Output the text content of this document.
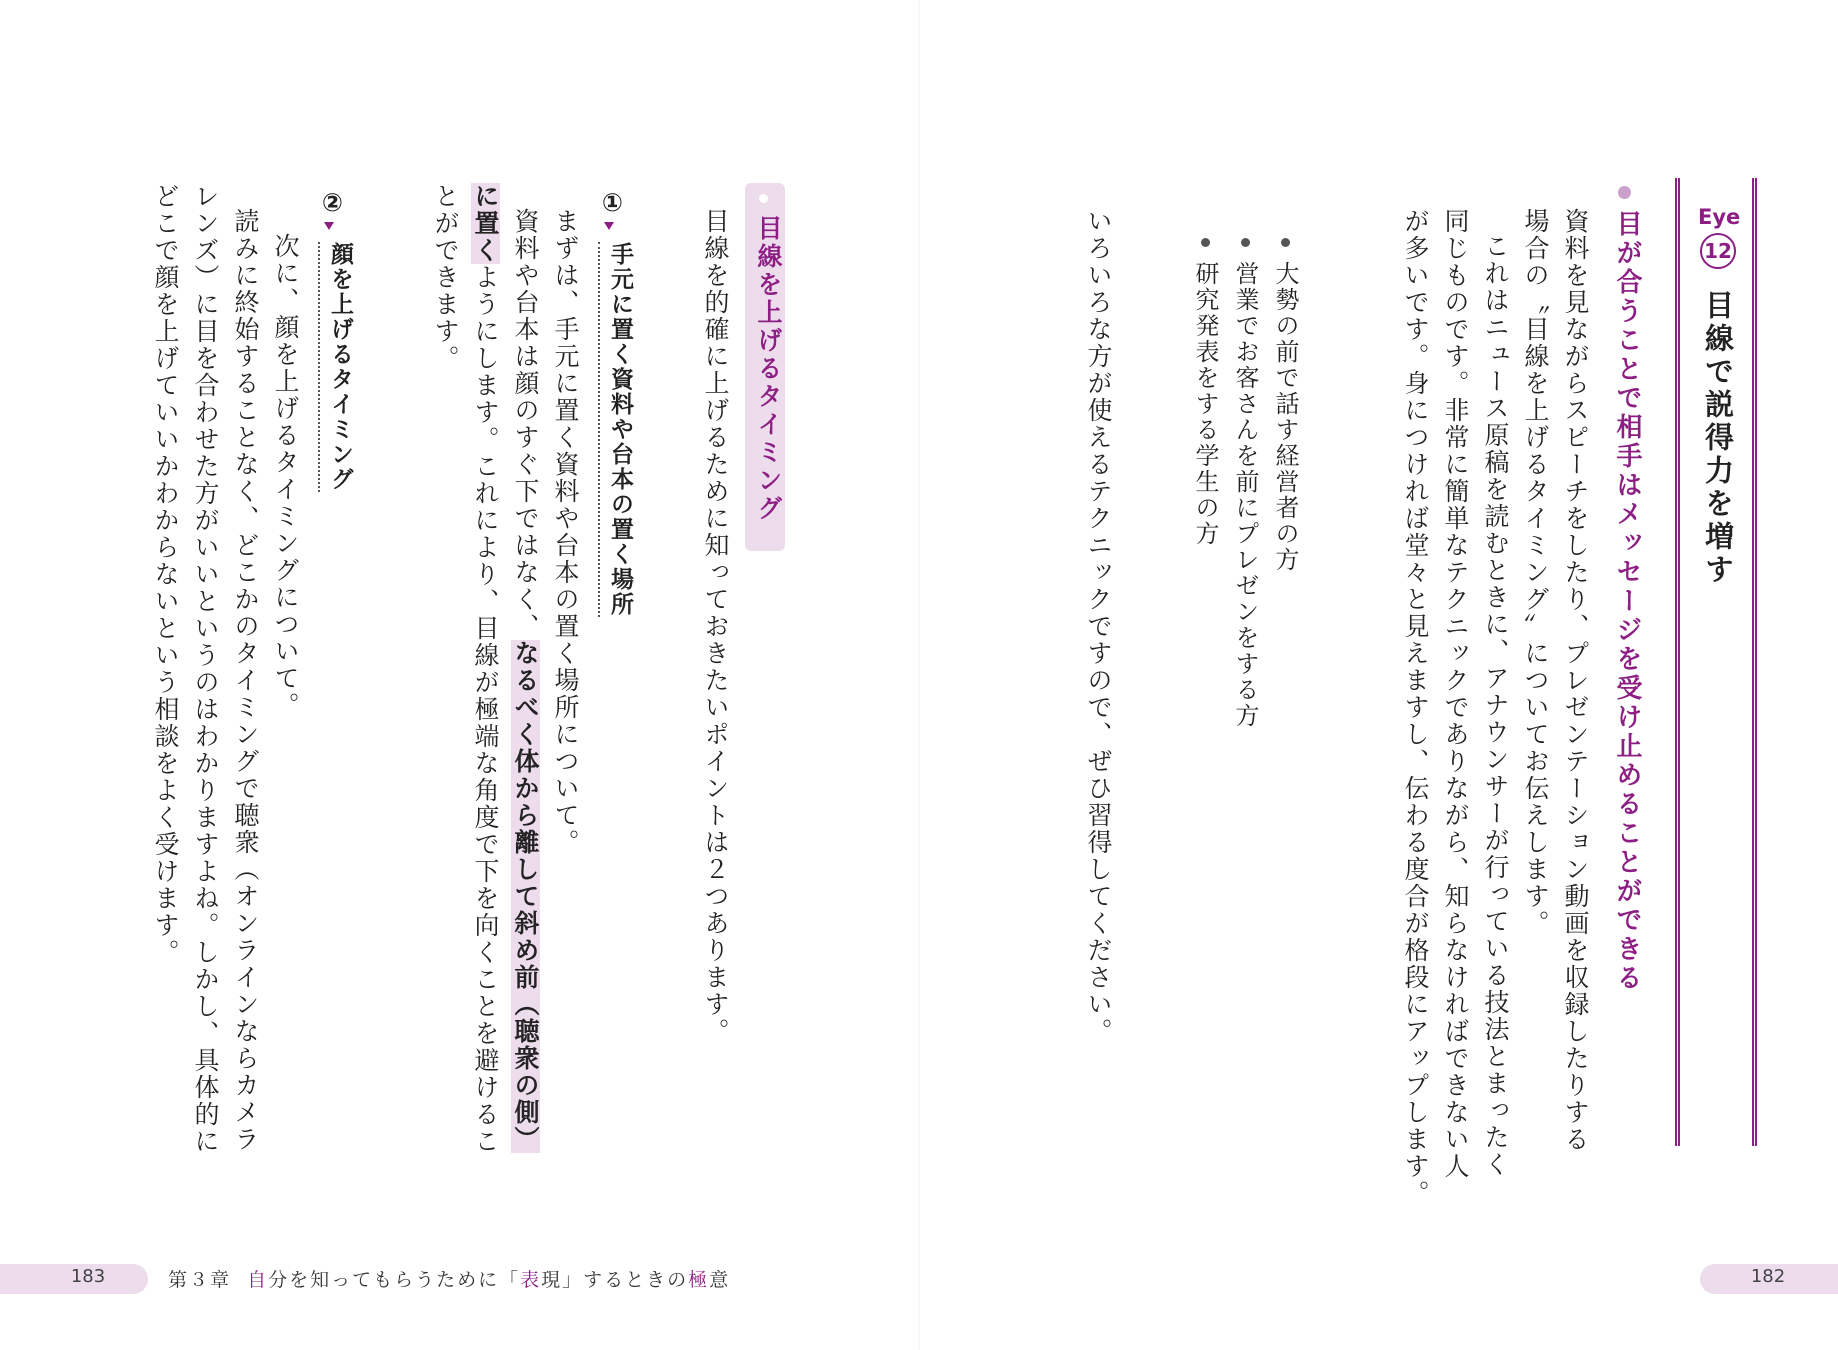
Eye
12
目線で説得力を増す
目が合うことで相手はメッセージを受け止めることができる
資料を見ながらスピーチをしたり、プレゼンテーション動画を収録したりする
場合の〝目線を上げるタイミング〟についてお伝えします。
これはニュース原稿を読むときに、アナウンサーが行っている技法とまったく
同じものです。非常に簡単なテクニックでありながら、知らなければできない人
が多いです。身につければ堂々と見えますし、伝わる度合が格段にアップします。
大勢の前で話す経営者の方
営業でお客さんを前にプレゼンをする方
研究発表をする学生の方
いろいろな方が使えるテクニックですので、ぜひ習得してください。
目線を上げるタイミング
目線を的確に上げるために知っておきたいポイントは２つあります。
①
手元に置く資料や台本の置く場所
まずは、手元に置く資料や台本の置く場所について。
資料や台本は顔のすぐ下ではなく、なるべく体から離して斜め前（聴衆の側）
に置くようにします。これにより、目線が極端な角度で下を向くことを避けるこ
とができます。
②
顔を上げるタイミング
次に、顔を上げるタイミングについて。
読みに終始することなく、どこかのタイミングで聴衆（オンラインならカメラ
レンズ）に目を合わせた方がいいというのはわかりますよね。しかし、具体的に
どこで顔を上げていいかわからないという相談をよく受けます。
183	第３章 自分を知ってもらうために「表現」するときの極意	182
